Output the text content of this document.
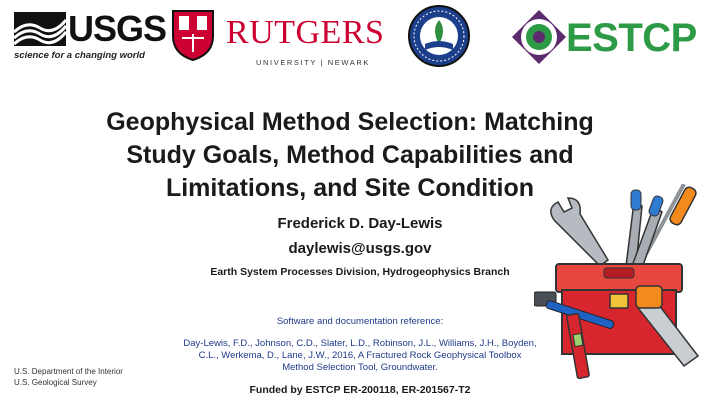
USGS
science for a changing world
RUTGERS
UNIVERSITY | NEWARK
ESTCP
Geophysical Method Selection: Matching
Study Goals, Method Capabilities and
Limitations, and Site Condition
Frederick D. Day-Lewis
daylewis@usgs.gov
Earth System Processes Division, Hydrogeophysics Branch
Software and documentation reference:
Day-Lewis, F.D., Johnson, C.D., Slater, L.D., Robinson, J.L., Williams, J.H., Boyden,
C.L., Werkema, D., Lane, J.W., 2016, A Fractured Rock Geophysical Toolbox
Method Selection Tool, Groundwater.
U.S. Department of the Interior
U.S. Geological Survey
Funded by ESTCP ER-200118, ER-201567-T2
